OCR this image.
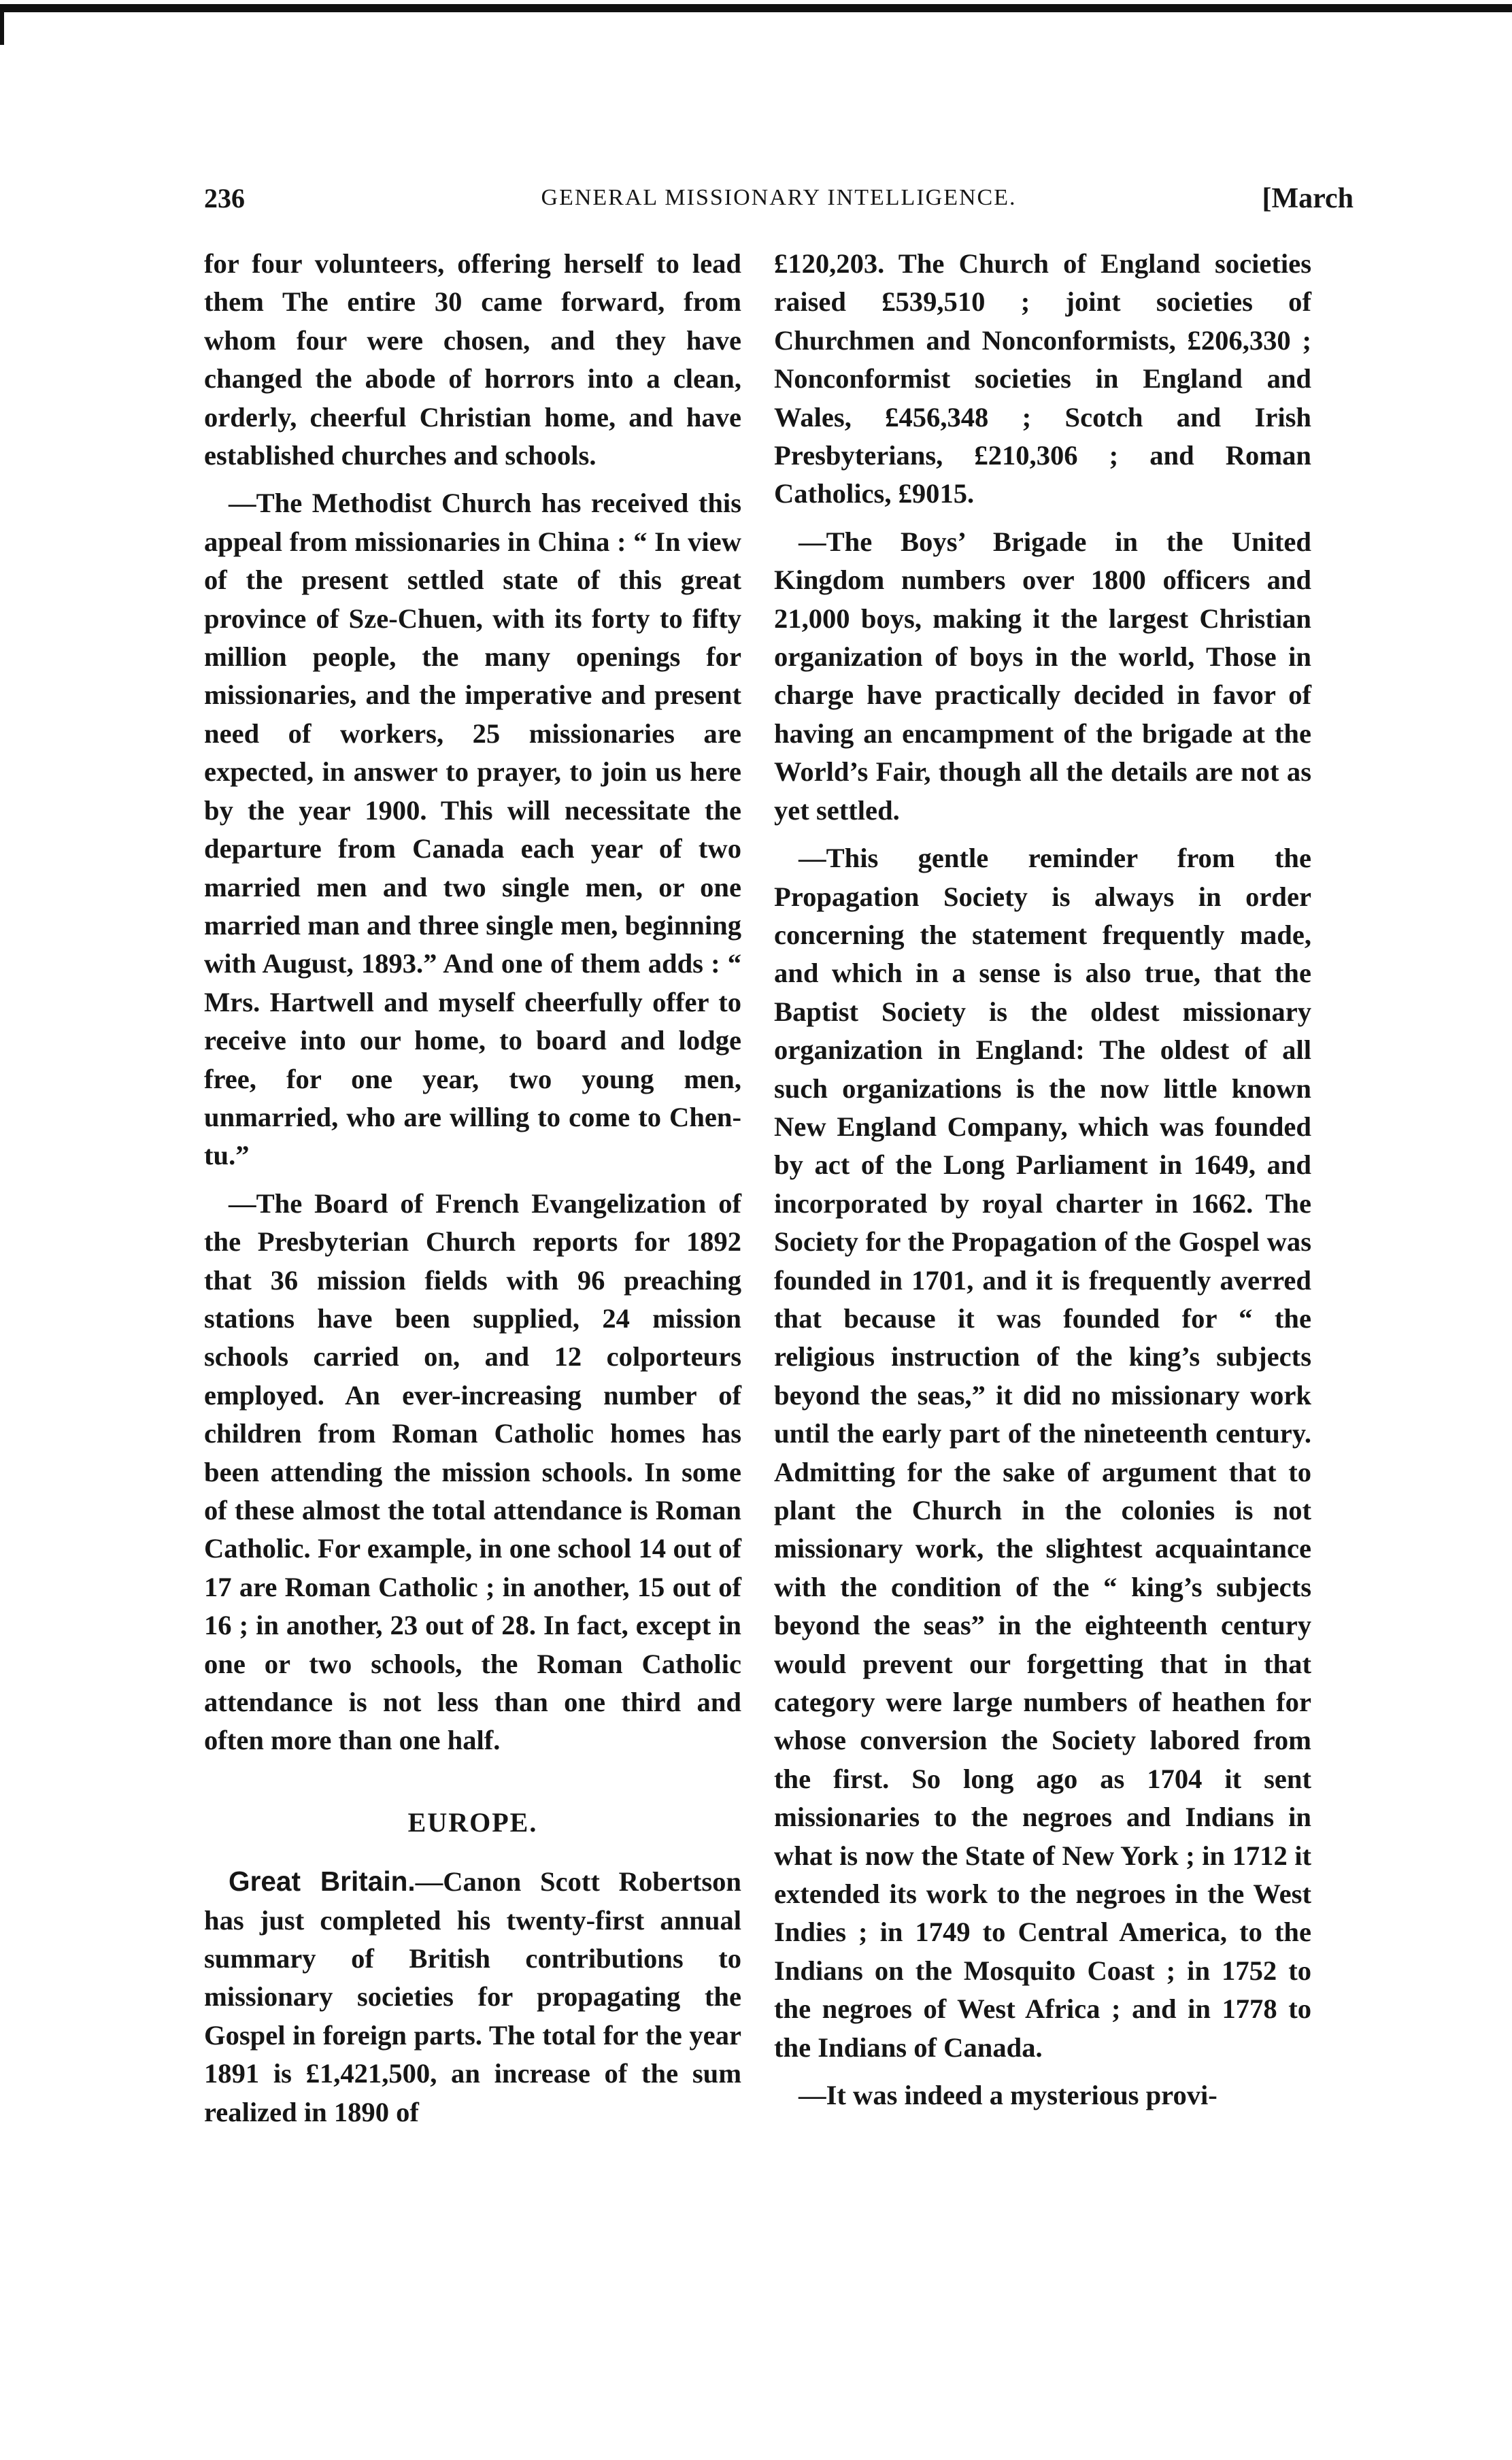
236	GENERAL MISSIONARY INTELLIGENCE.	[March

for four volunteers, offering herself to lead them The entire 30 came forward, from whom four were chosen, and they have changed the abode of horrors into a clean, orderly, cheerful Christian home, and have established churches and schools.

—The Methodist Church has received this appeal from missionaries in China : “ In view of the present settled state of this great province of Sze-Chuen, with its forty to fifty million people, the many openings for missionaries, and the imperative and present need of workers, 25 missionaries are expected, in answer to prayer, to join us here by the year 1900. This will necessitate the departure from Canada each year of two married men and two single men, or one married man and three single men, beginning with August, 1893.” And one of them adds : “ Mrs. Hartwell and myself cheerfully offer to receive into our home, to board and lodge free, for one year, two young men, unmarried, who are willing to come to Chen-tu.”

—The Board of French Evangelization of the Presbyterian Church reports for 1892 that 36 mission fields with 96 preaching stations have been supplied, 24 mission schools carried on, and 12 colporteurs employed. An ever-increasing number of children from Roman Catholic homes has been attending the mission schools. In some of these almost the total attendance is Roman Catholic. For example, in one school 14 out of 17 are Roman Catholic ; in another, 15 out of 16 ; in another, 23 out of 28. In fact, except in one or two schools, the Roman Catholic attendance is not less than one third and often more than one half.

EUROPE.

Great Britain.—Canon Scott Robertson has just completed his twenty-first annual summary of British contributions to missionary societies for propagating the Gospel in foreign parts. The total for the year 1891 is £1,421,500, an increase of the sum realized in 1890 of

£120,203. The Church of England societies raised £539,510 ; joint societies of Churchmen and Nonconformists, £206,330 ; Nonconformist societies in England and Wales, £456,348 ; Scotch and Irish Presbyterians, £210,306 ; and Roman Catholics, £9015.

—The Boys’ Brigade in the United Kingdom numbers over 1800 officers and 21,000 boys, making it the largest Christian organization of boys in the world, Those in charge have practically decided in favor of having an encampment of the brigade at the World’s Fair, though all the details are not as yet settled.

—This gentle reminder from the Propagation Society is always in order concerning the statement frequently made, and which in a sense is also true, that the Baptist Society is the oldest missionary organization in England: The oldest of all such organizations is the now little known New England Company, which was founded by act of the Long Parliament in 1649, and incorporated by royal charter in 1662. The Society for the Propagation of the Gospel was founded in 1701, and it is frequently averred that because it was founded for “ the religious instruction of the king’s subjects beyond the seas,” it did no missionary work until the early part of the nineteenth century. Admitting for the sake of argument that to plant the Church in the colonies is not missionary work, the slightest acquaintance with the condition of the “ king’s subjects beyond the seas” in the eighteenth century would prevent our forgetting that in that category were large numbers of heathen for whose conversion the Society labored from the first. So long ago as 1704 it sent missionaries to the negroes and Indians in what is now the State of New York ; in 1712 it extended its work to the negroes in the West Indies ; in 1749 to Central America, to the Indians on the Mosquito Coast ; in 1752 to the negroes of West Africa ; and in 1778 to the Indians of Canada.

—It was indeed a mysterious provi-
